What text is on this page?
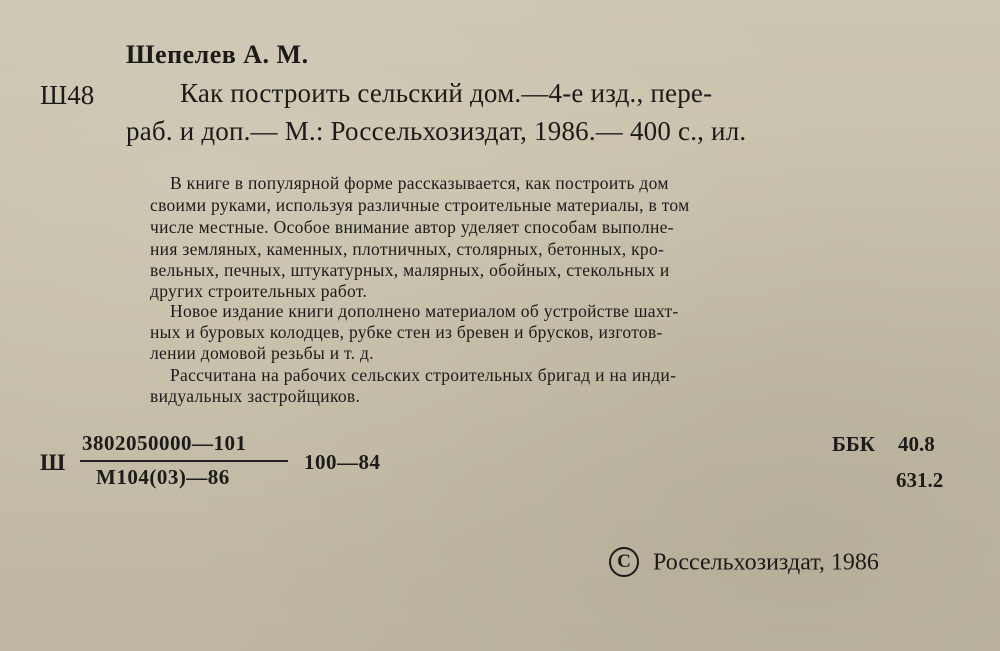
Шепелев А. М.
Ш48	Как построить сельский дом.—4-е изд., пере-
раб. и доп.— М.: Россельхозиздат, 1986.— 400 с., ил.

В книге в популярной форме рассказывается, как построить дом

своими руками, используя различные строительные материалы, в том

числе местные. Особое внимание автор уделяет способам выполне-

ния земляных, каменных, плотничных, столярных, бетонных, кро-

вельных, печных, штукатурных, малярных, обойных, стекольных и

других строительных работ.

Новое издание книги дополнено материалом об устройстве шахт-

ных и буровых колодцев, рубке стен из бревен и брусков, изготов-

лении домовой резьбы и т. д.

Рассчитана на рабочих сельских строительных бригад и на инди-

видуальных застройщиков.

Ш
3802050000—101
М104(03)—86
100—84
ББК 40.8
631.2
C Россельхозиздат, 1986
